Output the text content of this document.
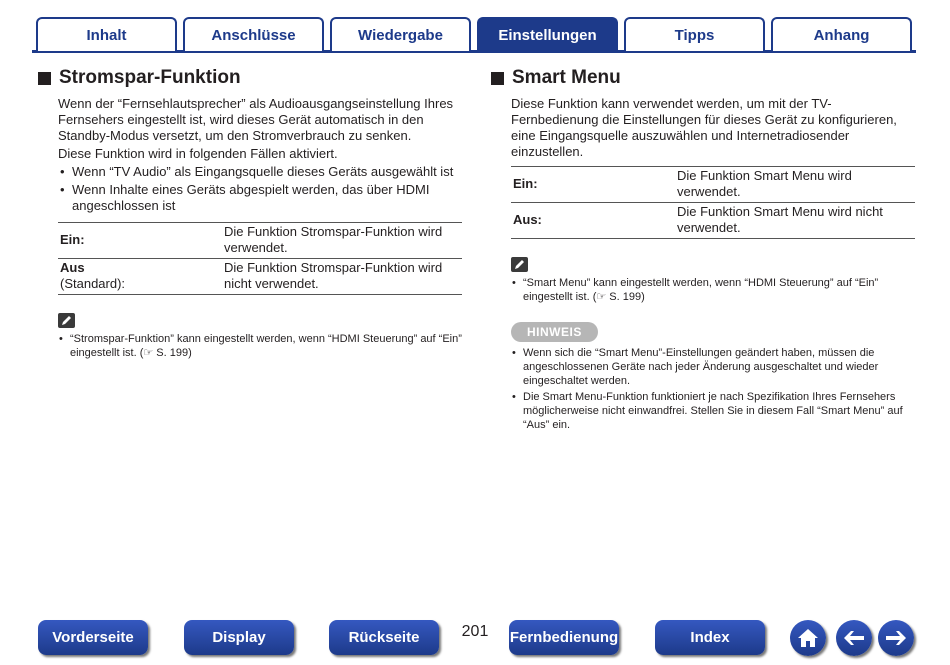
Inhalt	Anschlüsse	Wiedergabe	Einstellungen	Tipps	Anhang
Stromspar-Funktion

Wenn der “Fernsehlautsprecher” als Audioausgangseinstellung Ihres Fernsehers eingestellt ist, wird dieses Gerät automatisch in den Standby-Modus versetzt, um den Stromverbrauch zu senken.

Diese Funktion wird in folgenden Fällen aktiviert.

• Wenn “TV Audio” als Eingangsquelle dieses Geräts ausgewählt ist
• Wenn Inhalte eines Geräts abgespielt werden, das über HDMI angeschlossen ist
Ein:	Die Funktion Stromspar-Funktion wird verwendet.
Aus
(Standard):	Die Funktion Stromspar-Funktion wird nicht verwendet.
• “Stromspar-Funktion” kann eingestellt werden, wenn “HDMI Steuerung” auf “Ein” eingestellt ist. (☞ S. 199)
Smart Menu

Diese Funktion kann verwendet werden, um mit der TV-Fernbedienung die Einstellungen für dieses Gerät zu konfigurieren, eine Eingangsquelle auszuwählen und Internetradiosender einzustellen.

Ein:	Die Funktion Smart Menu wird verwendet.
Aus:	Die Funktion Smart Menu wird nicht verwendet.
• “Smart Menu” kann eingestellt werden, wenn “HDMI Steuerung” auf “Ein” eingestellt ist. (☞ S. 199)
HINWEIS
• Wenn sich die “Smart Menu”-Einstellungen geändert haben, müssen die angeschlossenen Geräte nach jeder Änderung ausgeschaltet und wieder eingeschaltet werden.
• Die Smart Menu-Funktion funktioniert je nach Spezifikation Ihres Fernsehers möglicherweise nicht einwandfrei. Stellen Sie in diesem Fall “Smart Menu” auf “Aus” ein.
Vorderseite	Display	Rückseite	201 Fernbedienung	Index
